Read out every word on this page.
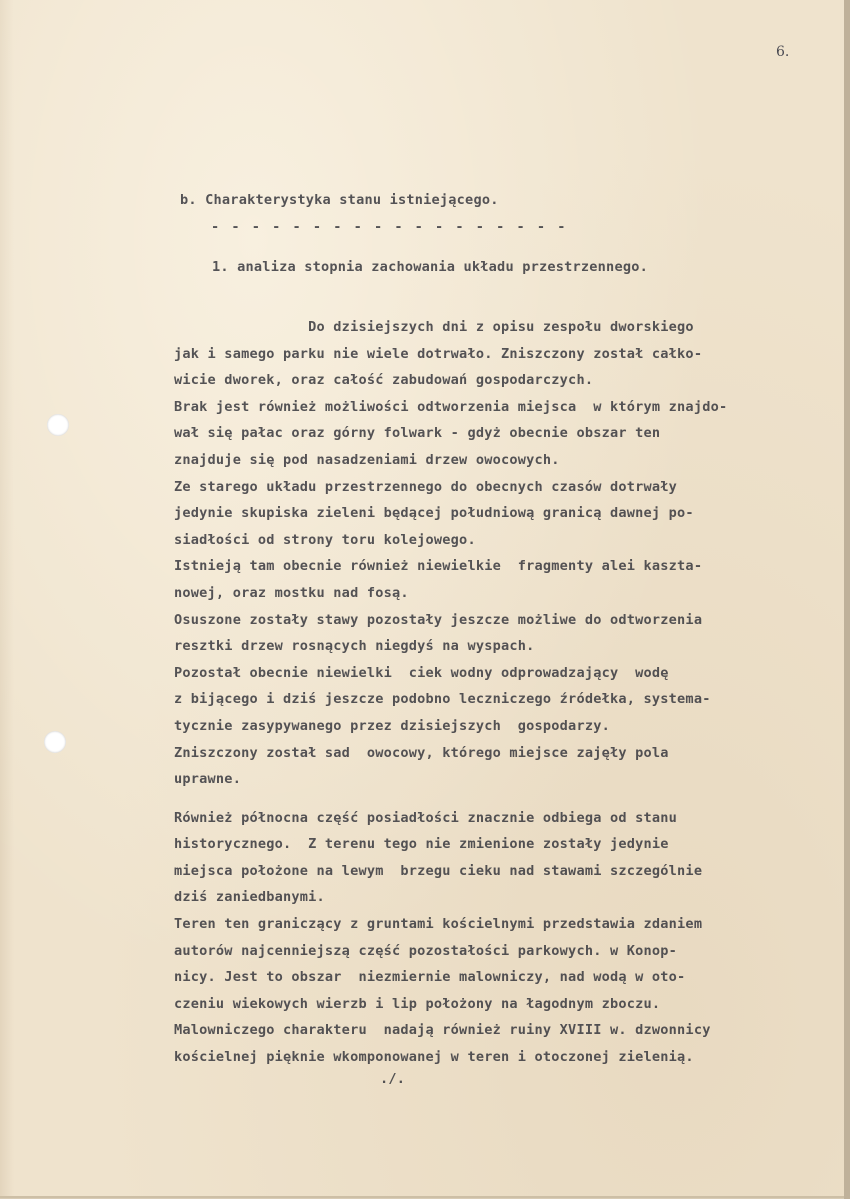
6.
b. Charakterystyka stanu istniejącego.
- - - - - - - - - - - - - - - - - -
1. analiza stopnia zachowania układu przestrzennego.
Do dzisiejszych dni z opisu zespołu dworskiego
jak i samego parku nie wiele dotrwało. Zniszczony został całko-
wicie dworek, oraz całość zabudowań gospodarczych.
Brak jest również możliwości odtworzenia miejsca  w którym znajdo-
wał się pałac oraz górny folwark - gdyż obecnie obszar ten
znajduje się pod nasadzeniami drzew owocowych.
Ze starego układu przestrzennego do obecnych czasów dotrwały
jedynie skupiska zieleni będącej południową granicą dawnej po-
siadłości od strony toru kolejowego.
Istnieją tam obecnie również niewielkie  fragmenty alei kaszta-
nowej, oraz mostku nad fosą.
Osuszone zostały stawy pozostały jeszcze możliwe do odtworzenia
resztki drzew rosnących niegdyś na wyspach.
Pozostał obecnie niewielki  ciek wodny odprowadzający  wodę
z bijącego i dziś jeszcze podobno leczniczego źródełka, systema-
tycznie zasypywanego przez dzisiejszych  gospodarzy.
Zniszczony został sad  owocowy, którego miejsce zajęły pola
uprawne.
Również północna część posiadłości znacznie odbiega od stanu
historycznego.  Z terenu tego nie zmienione zostały jedynie
miejsca położone na lewym  brzegu cieku nad stawami szczególnie
dziś zaniedbanymi.
Teren ten graniczący z gruntami kościelnymi przedstawia zdaniem
autorów najcenniejszą część pozostałości parkowych. w Konop-
nicy. Jest to obszar  niezmiernie malowniczy, nad wodą w oto-
czeniu wiekowych wierzb i lip położony na łagodnym zboczu.
Malowniczego charakteru  nadają również ruiny XVIII w. dzwonnicy
kościelnej pięknie wkomponowanej w teren i otoczonej zielenią.
./.
